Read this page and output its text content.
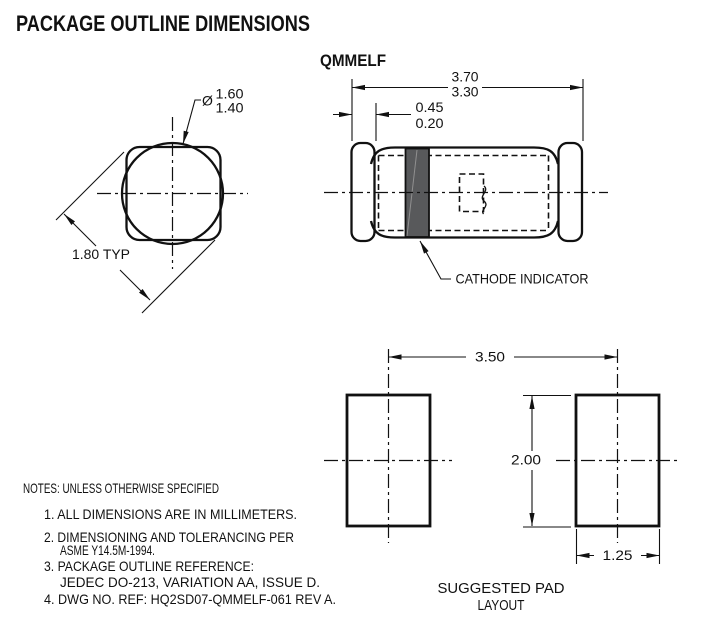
PACKAGE OUTLINE DIMENSIONS
QMMELF
Ø 1.60
1.40
1.80 TYP
3.70
3.30
0.45
0.20
CATHODE INDICATOR
3.50
2.00
1.25
SUGGESTED PAD
LAYOUT
NOTES: UNLESS OTHERWISE SPECIFIED
1. ALL DIMENSIONS ARE IN MILLIMETERS.
2. DIMENSIONING AND TOLERANCING PER
ASME Y14.5M-1994.
3. PACKAGE OUTLINE REFERENCE:
JEDEC DO-213, VARIATION AA, ISSUE D.
4. DWG NO. REF: HQ2SD07-QMMELF-061 REV A.
